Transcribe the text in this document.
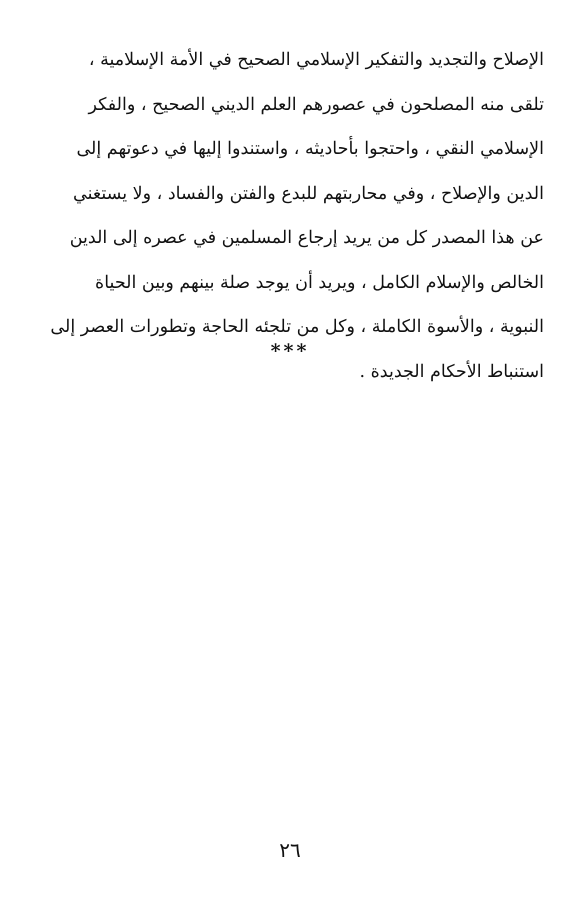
الإصلاح والتجديد والتفكير الإسلامي الصحيح في الأمة الإسلامية ،
تلقى منه المصلحون في عصورهم العلم الديني الصحيح ، والفكر
الإسلامي النقي ، واحتجوا بأحاديثه ، واستندوا إليها في دعوتهم إلى
الدين والإصلاح ، وفي محاربتهم للبدع والفتن والفساد ، ولا يستغني
عن هذا المصدر كل من يريد إرجاع المسلمين في عصره إلى الدين
الخالص والإسلام الكامل ، ويريد أن يوجد صلة بينهم وبين الحياة
النبوية ، والأسوة الكاملة ، وكل من تلجئه الحاجة وتطورات العصر إلى
استنباط الأحكام الجديدة .
***
٢٦
